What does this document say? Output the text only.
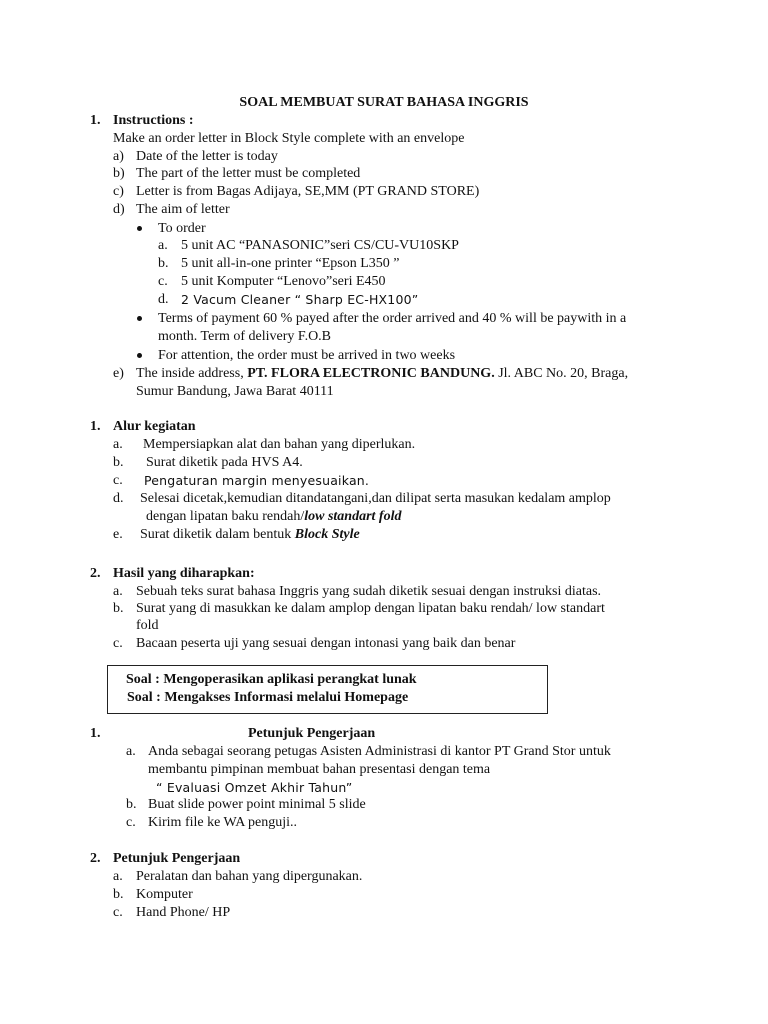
SOAL MEMBUAT SURAT BAHASA INGGRIS
1. Instructions :
Make an order letter in Block Style complete with an envelope
a) Date of the letter is today
b) The part of the letter must be completed
c) Letter is from Bagas Adijaya, SE,MM (PT GRAND STORE)
d) The aim of letter
To order
a. 5 unit AC “PANASONIC”seri CS/CU-VU10SKP
b. 5 unit all-in-one printer “Epson L350 ”
c. 5 unit Komputer “Lenovo”seri E450
d. 2 Vacum Cleaner “ Sharp EC-HX100”
Terms of payment 60 % payed after the order arrived and 40 % will be paywith in a
month. Term of delivery F.O.B
For attention, the order must be arrived in two weeks
e) The inside address, PT. FLORA ELECTRONIC BANDUNG. Jl. ABC No. 20, Braga,
Sumur Bandung, Jawa Barat 40111
1. Alur kegiatan
a. Mempersiapkan alat dan bahan yang diperlukan.
b. Surat diketik pada HVS A4.
c. Pengaturan margin menyesuaikan.
d. Selesai dicetak,kemudian ditandatangani,dan dilipat serta masukan kedalam amplop
dengan lipatan baku rendah/low standart fold
e. Surat diketik dalam bentuk Block Style
2. Hasil yang diharapkan:
a. Sebuah teks surat bahasa Inggris yang sudah diketik sesuai dengan instruksi diatas.
b. Surat yang di masukkan ke dalam amplop dengan lipatan baku rendah/ low standart
fold
c. Bacaan peserta uji yang sesuai dengan intonasi yang baik dan benar
Soal : Mengoperasikan aplikasi perangkat lunak
Soal : Mengakses Informasi melalui Homepage
1.	Petunjuk Pengerjaan
a. Anda sebagai seorang petugas Asisten Administrasi di kantor PT Grand Stor untuk
membantu pimpinan membuat bahan presentasi dengan tema
“ Evaluasi Omzet Akhir Tahun”
b. Buat slide power point minimal 5 slide
c. Kirim file ke WA penguji..
2. Petunjuk Pengerjaan
a. Peralatan dan bahan yang dipergunakan.
b. Komputer
c. Hand Phone/ HP
